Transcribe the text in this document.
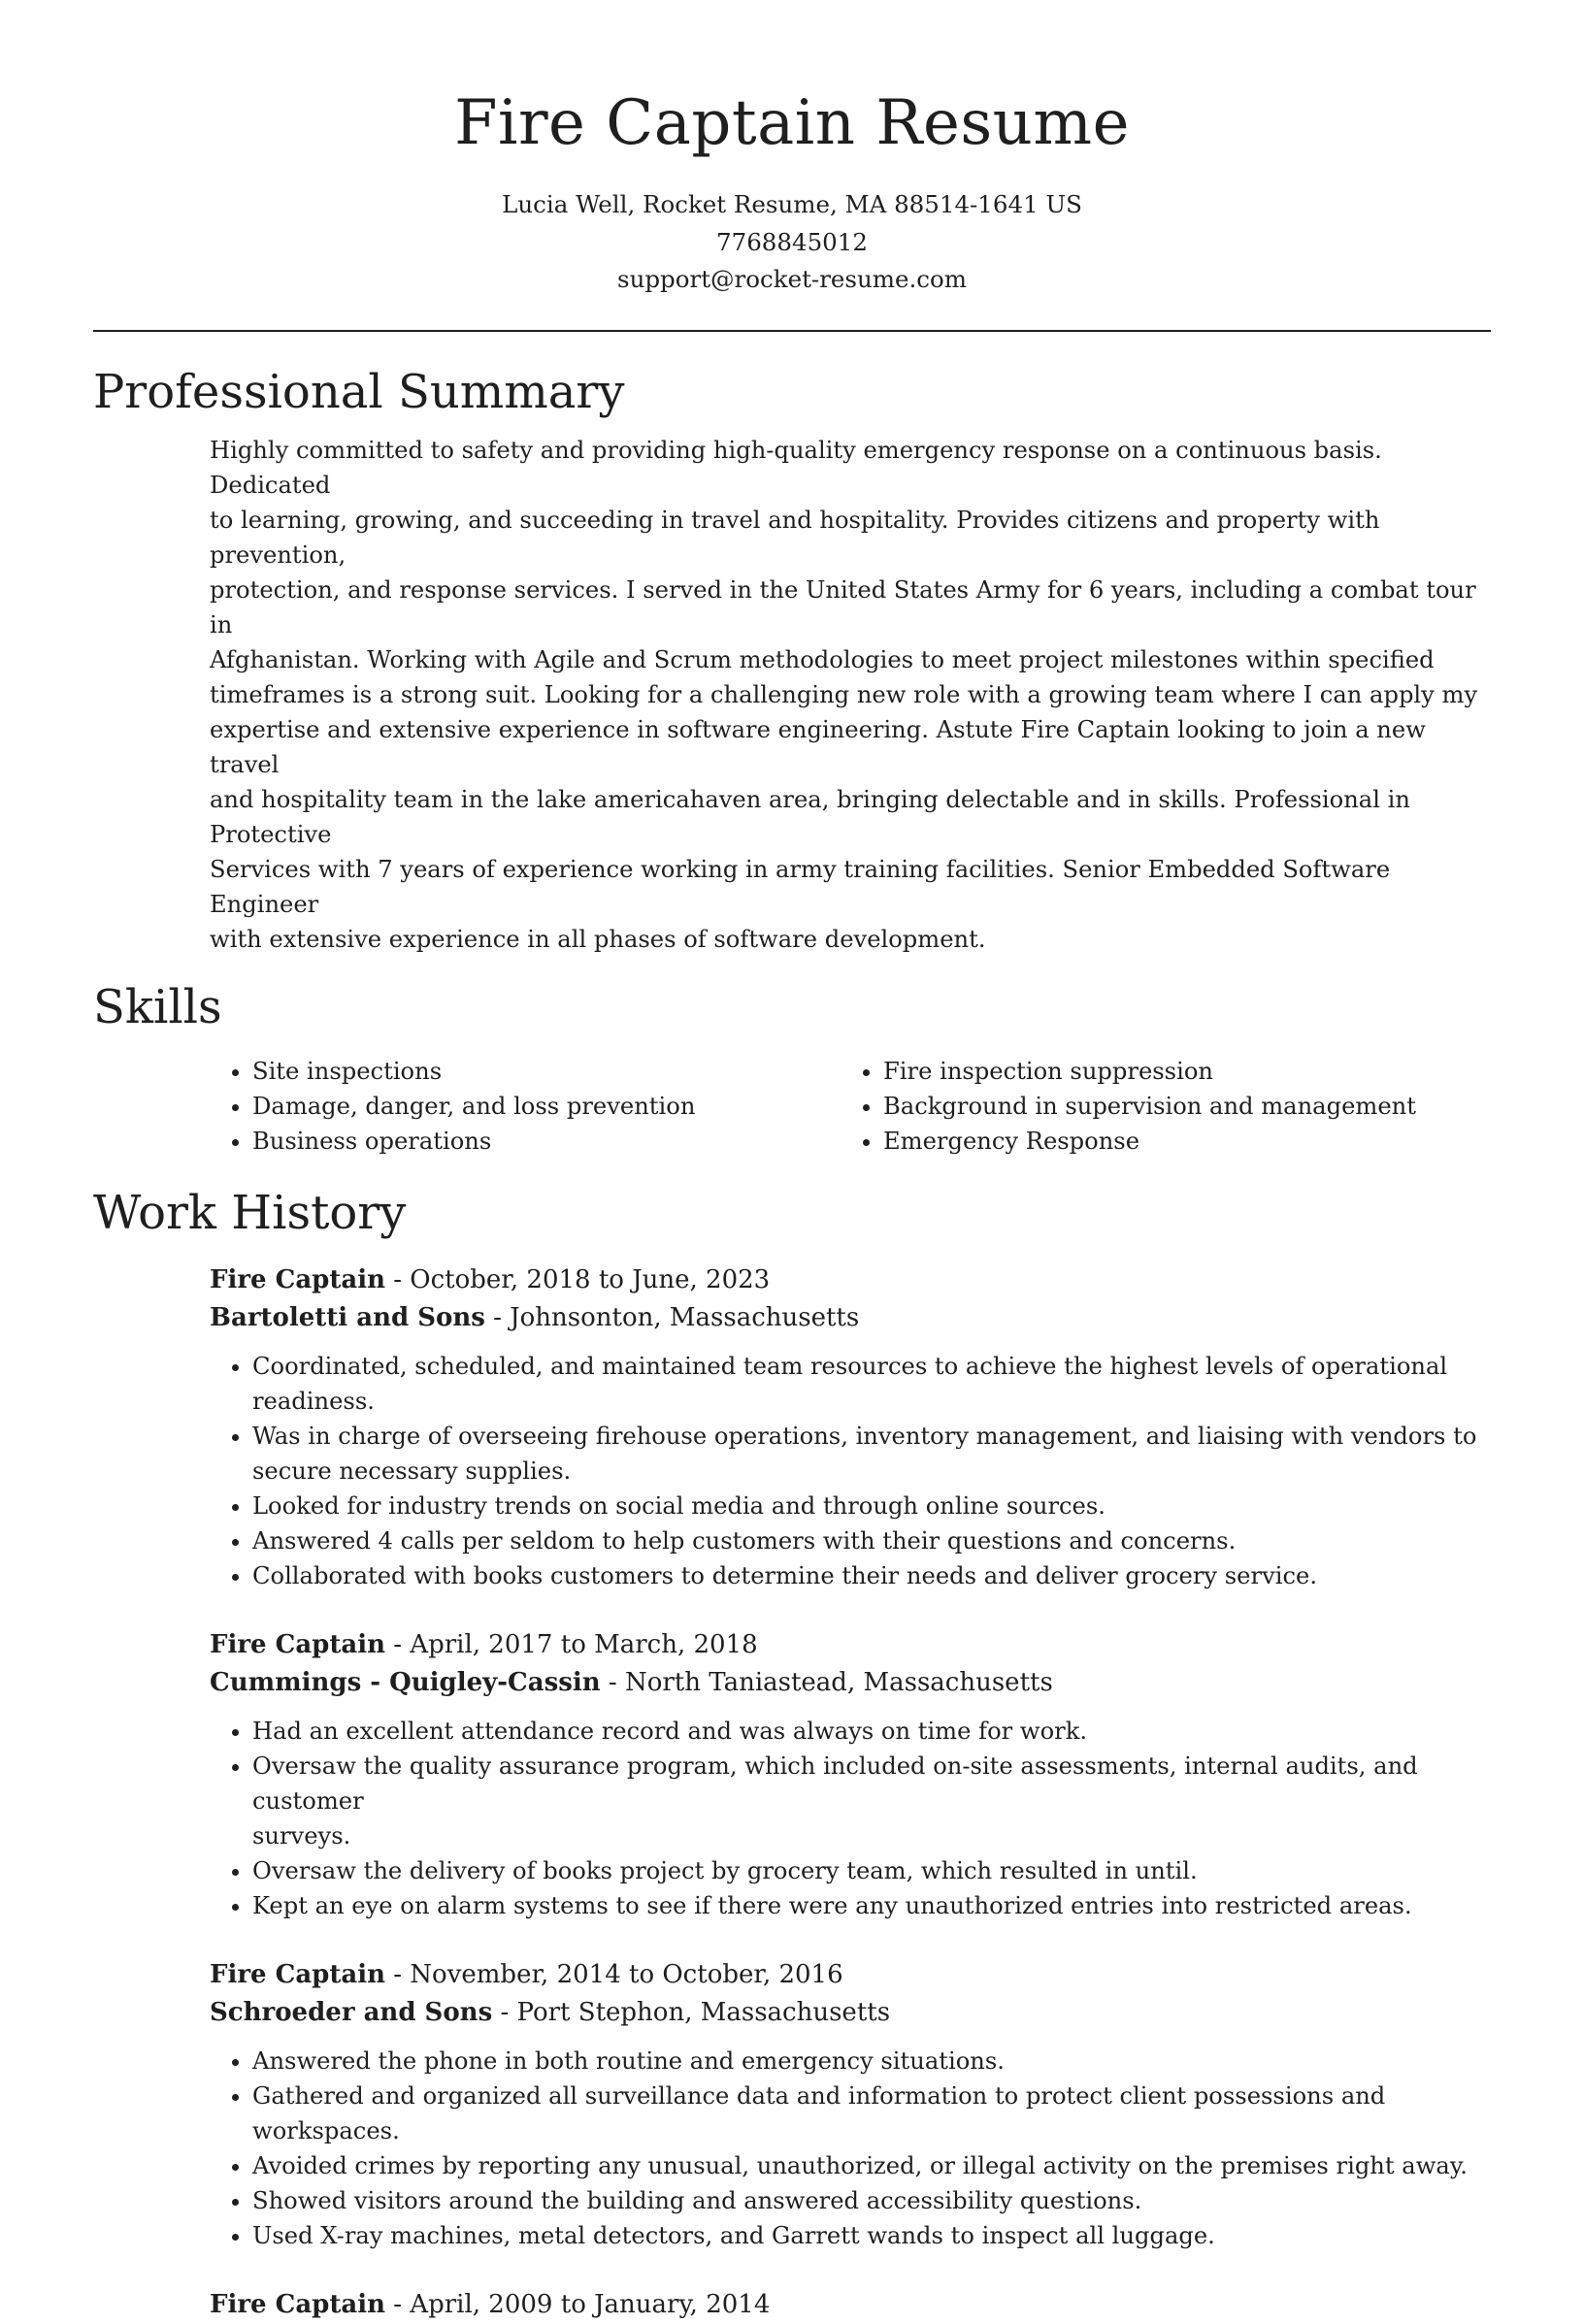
Fire Captain Resume
Lucia Well, Rocket Resume, MA 88514-1641 US
7768845012
support@rocket-resume.com
Professional Summary
Highly committed to safety and providing high-quality emergency response on a continuous basis. Dedicated
to learning, growing, and succeeding in travel and hospitality. Provides citizens and property with prevention,
protection, and response services. I served in the United States Army for 6 years, including a combat tour in
Afghanistan. Working with Agile and Scrum methodologies to meet project milestones within specified
timeframes is a strong suit. Looking for a challenging new role with a growing team where I can apply my
expertise and extensive experience in software engineering. Astute Fire Captain looking to join a new travel
and hospitality team in the lake americahaven area, bringing delectable and in skills. Professional in Protective
Services with 7 years of experience working in army training facilities. Senior Embedded Software Engineer
with extensive experience in all phases of software development.
Skills
• Site inspections
• Damage, danger, and loss prevention
• Business operations
• Fire inspection suppression
• Background in supervision and management
• Emergency Response
Work History
Fire Captain - October, 2018 to June, 2023
Bartoletti and Sons - Johnsonton, Massachusetts
• Coordinated, scheduled, and maintained team resources to achieve the highest levels of operational
readiness.
• Was in charge of overseeing firehouse operations, inventory management, and liaising with vendors to
secure necessary supplies.
• Looked for industry trends on social media and through online sources.
• Answered 4 calls per seldom to help customers with their questions and concerns.
• Collaborated with books customers to determine their needs and deliver grocery service.
Fire Captain - April, 2017 to March, 2018
Cummings - Quigley-Cassin - North Taniastead, Massachusetts
• Had an excellent attendance record and was always on time for work.
• Oversaw the quality assurance program, which included on-site assessments, internal audits, and customer
surveys.
• Oversaw the delivery of books project by grocery team, which resulted in until.
• Kept an eye on alarm systems to see if there were any unauthorized entries into restricted areas.
Fire Captain - November, 2014 to October, 2016
Schroeder and Sons - Port Stephon, Massachusetts
• Answered the phone in both routine and emergency situations.
• Gathered and organized all surveillance data and information to protect client possessions and workspaces.
• Avoided crimes by reporting any unusual, unauthorized, or illegal activity on the premises right away.
• Showed visitors around the building and answered accessibility questions.
• Used X-ray machines, metal detectors, and Garrett wands to inspect all luggage.
Fire Captain - April, 2009 to January, 2014
